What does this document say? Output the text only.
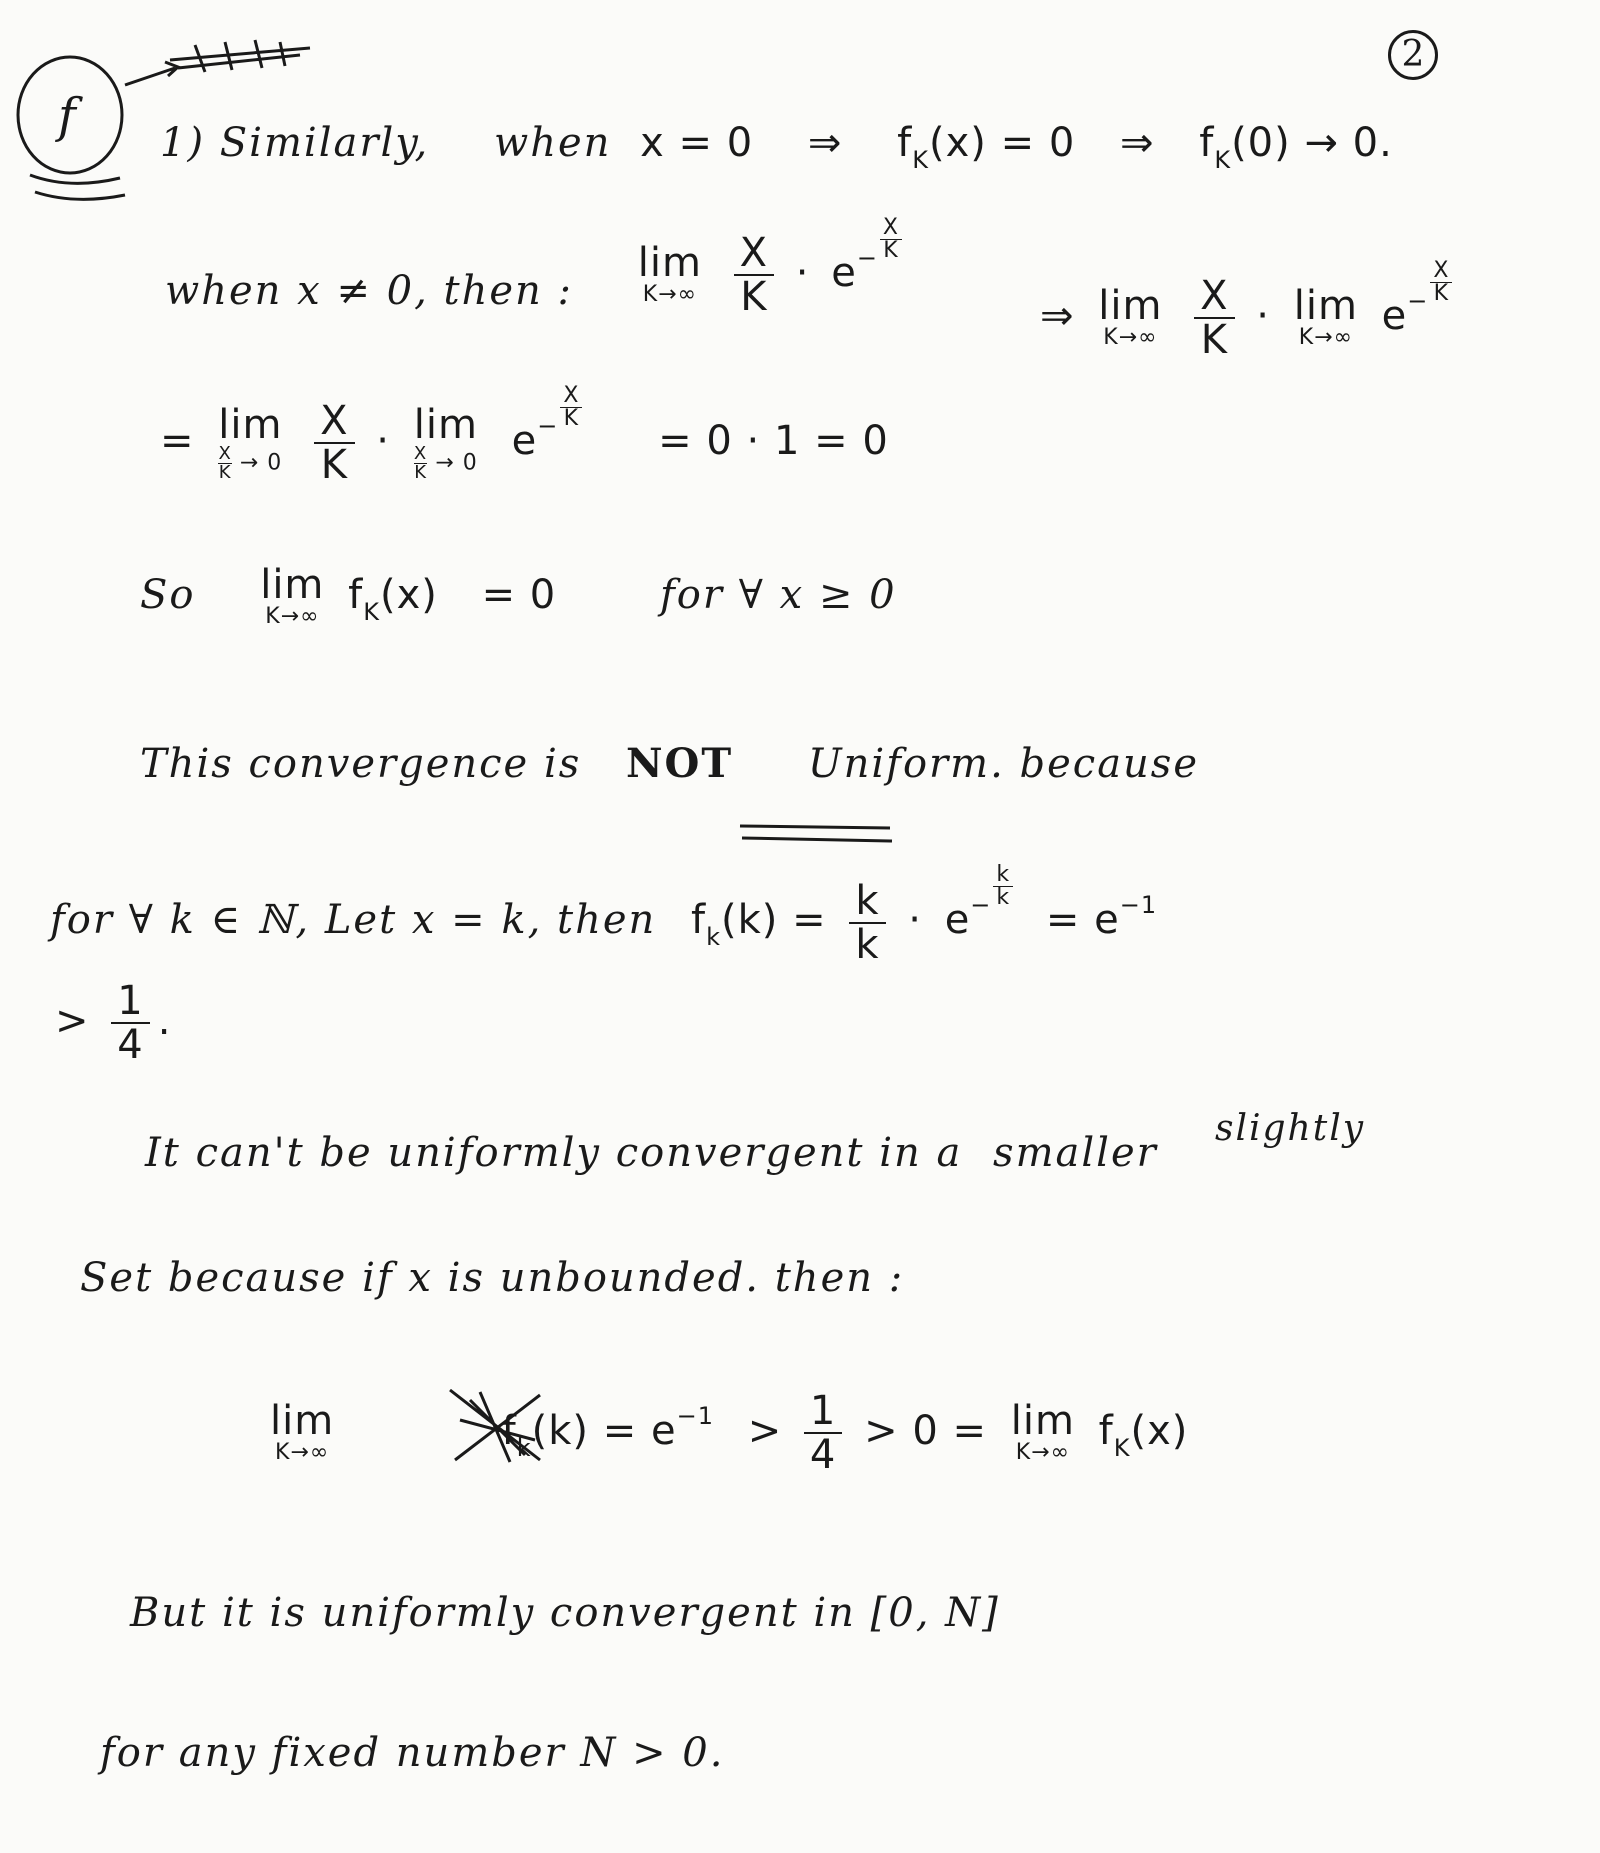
2
f 1) Similarly, when x = 0 ⇒ $f_K(x) = 0$ ⇒ $f_K(0) \to 0$.
when x ≠ 0, then :
lim
K→∞
$\frac{X}{K} \cdot e^{- \frac{X}{K}}$
⇒ lim
K→∞
$\frac{X}{K} \cdot \lim$
K→∞ $e^{- \frac{X}{K}}$
= lim
$\frac{X}{K} \to 0$
$\frac{X}{K} \cdot \lim$
$\frac{X}{K} \to 0$ $e^{- \frac{X}{K}}$
= 0 · 1 = 0
So lim
K→∞ $f_K(x) = 0$	for ∀ x ≥ 0
This convergence is NOT Uniform. because
for ∀ k ∈ ℕ, Let x = k, then $f_k(k) = \frac{k}{k} \cdot e^{- \frac{k}{k}}$
= $e^{-1}$
> $\frac{1}{4}$ .
slightly
It can't be uniformly convergent in a smaller
Set because if x is unbounded. then :
lim
K→∞	$f_k(k) = e^{-1} > \frac{1}{4} > 0 = \lim$
K→∞ $f_K(x)$
But it is uniformly convergent in [0, N]
for any fixed number N > 0.
